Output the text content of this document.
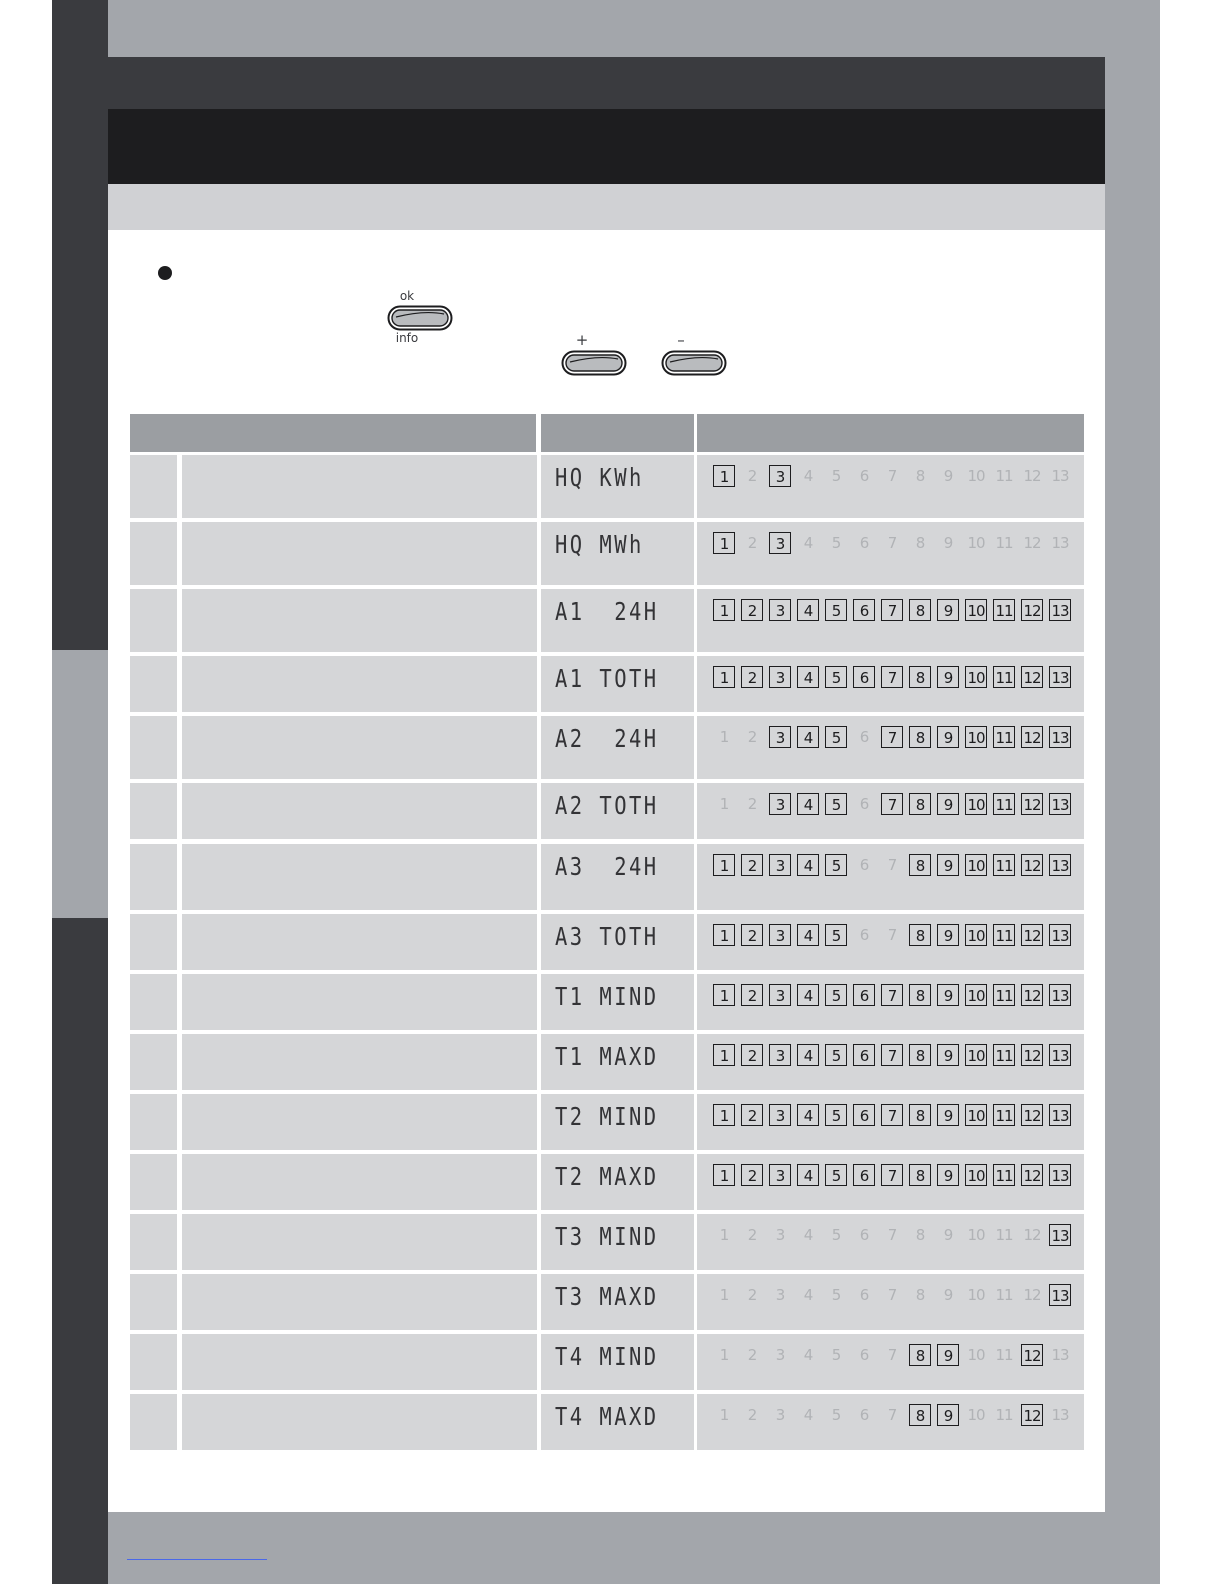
ok
info	+	–
HQ KWh	1	2	3	4	5	6	7	8	9	10 11 12 13
HQ MWh	1	2	3	4	5	6	7	8	9	10 11 12 13
A1  24H	1	2	3	4	5	6	7	8	9	10 11 12 13
A1 TOTH	1	2	3	4	5	6	7	8	9	10 11 12 13
A2  24H	1	2	3	4	5	6	7	8	9	10 11 12 13
A2 TOTH	1	2	3	4	5	6	7	8	9	10 11 12 13
A3  24H	1	2	3	4	5	6	7	8	9	10 11 12 13
A3 TOTH	1	2	3	4	5	6	7	8	9	10 11 12 13
T1 MIND	1	2	3	4	5	6	7	8	9	10 11 12 13
T1 MAXD	1	2	3	4	5	6	7	8	9	10 11 12 13
T2 MIND	1	2	3	4	5	6	7	8	9	10 11 12 13
T2 MAXD	1	2	3	4	5	6	7	8	9	10 11 12 13
T3 MIND	1	2	3	4	5	6	7	8	9	10 11 12 13
T3 MAXD	1	2	3	4	5	6	7	8	9	10 11 12 13
T4 MIND	1	2	3	4	5	6	7	8	9	10 11 12 13
T4 MAXD	1	2	3	4	5	6	7	8	9	10 11 12 13
